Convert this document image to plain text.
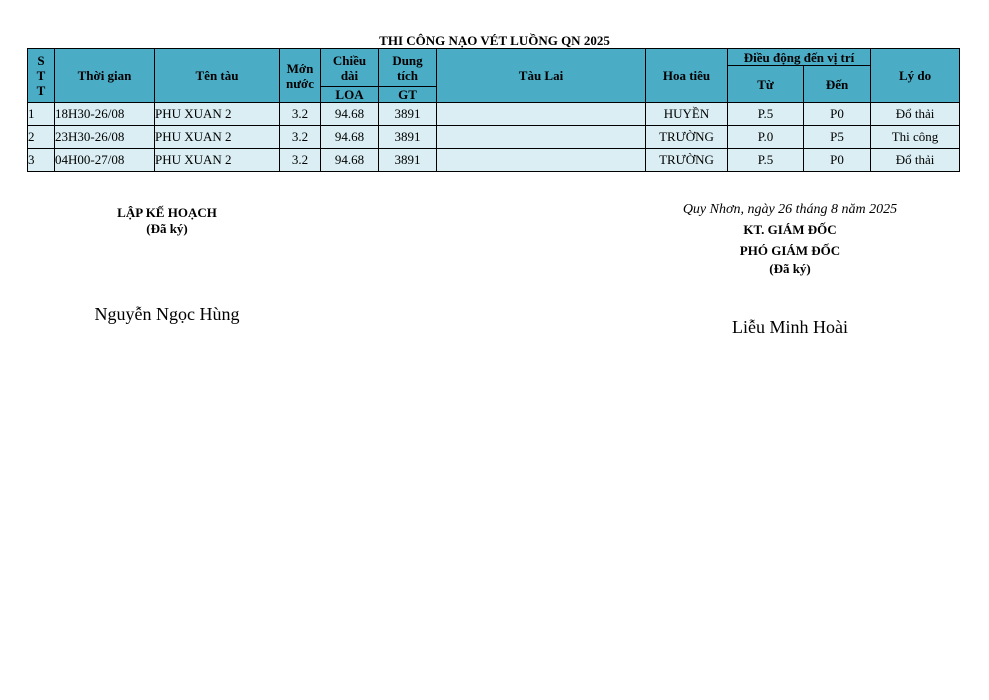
THI CÔNG NẠO VÉT LUỒNG QN 2025
S
T
T	Thời gian	Tên tàu	Mớn nước	Chiều dài	Dung tích	Tàu Lai	Hoa tiêu	Điều động đến vị trí		Lý do
								Từ	Đến	
				LOA	GT					
1	18H30-26/08	PHU XUAN 2	3.2	94.68	3891		HUYỀN	P.5	P0	Đổ thải
2	23H30-26/08	PHU XUAN 2	3.2	94.68	3891		TRƯỜNG	P.0	P5	Thi công
3	04H00-27/08	PHU XUAN 2	3.2	94.68	3891		TRƯỜNG	P.5	P0	Đổ thải
LẬP KẾ HOẠCH
(Đã ký)
Nguyễn Ngọc Hùng
Quy Nhơn, ngày 26 tháng 8 năm 2025
KT. GIÁM ĐỐC
PHÓ GIÁM ĐỐC
(Đã ký)
Liễu Minh Hoài
